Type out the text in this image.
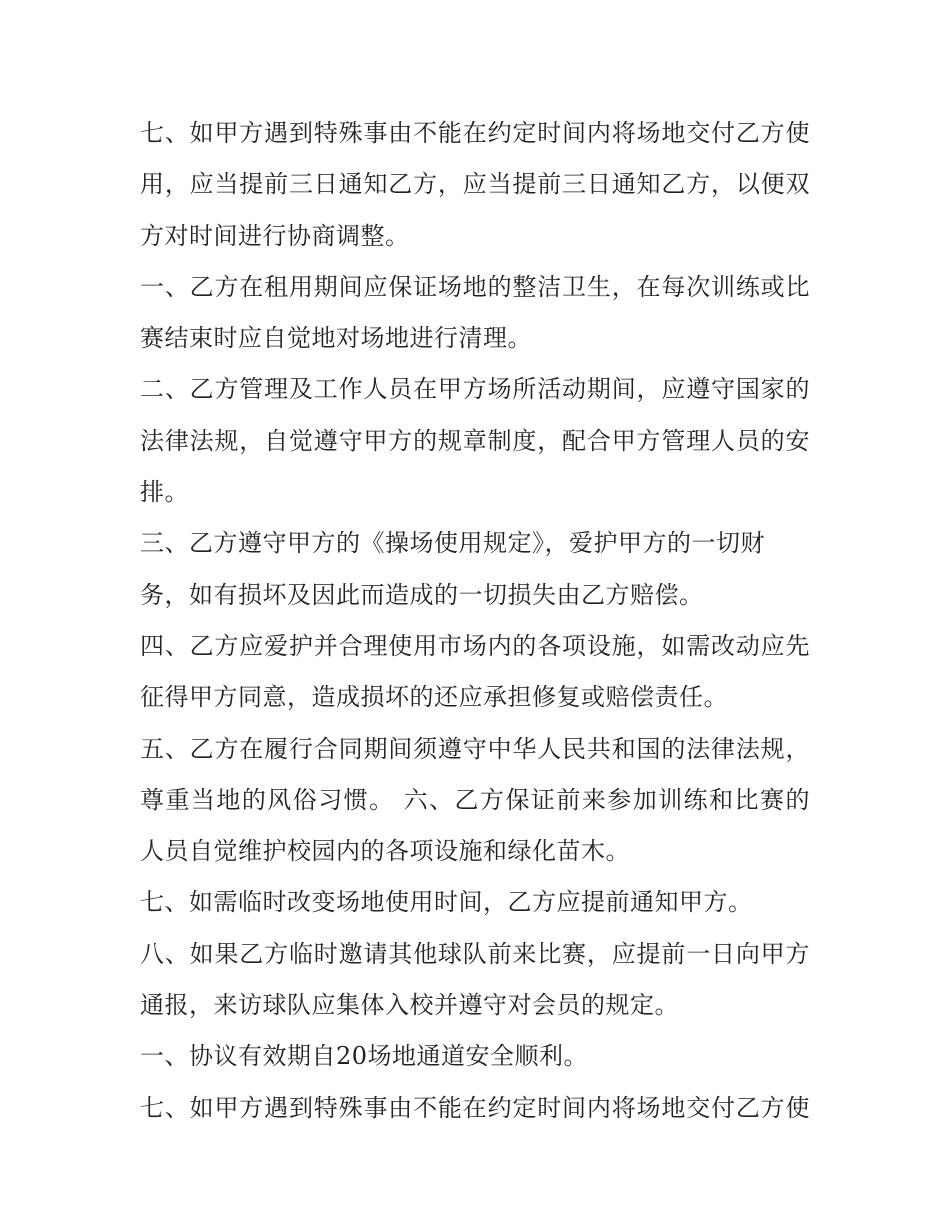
七、如甲方遇到特殊事由不能在约定时间内将场地交付乙方使
用，应当提前三日通知乙方，应当提前三日通知乙方，以便双
方对时间进行协商调整。
一、乙方在租用期间应保证场地的整洁卫生，在每次训练或比
赛结束时应自觉地对场地进行清理。
二、乙方管理及工作人员在甲方场所活动期间，应遵守国家的
法律法规，自觉遵守甲方的规章制度，配合甲方管理人员的安
排。
三、乙方遵守甲方的《操场使用规定》，爱护甲方的一切财
务，如有损坏及因此而造成的一切损失由乙方赔偿。
四、乙方应爱护并合理使用市场内的各项设施，如需改动应先
征得甲方同意，造成损坏的还应承担修复或赔偿责任。
五、乙方在履行合同期间须遵守中华人民共和国的法律法规，
尊重当地的风俗习惯。 六、乙方保证前来参加训练和比赛的
人员自觉维护校园内的各项设施和绿化苗木。
七、如需临时改变场地使用时间，乙方应提前通知甲方。
八、如果乙方临时邀请其他球队前来比赛，应提前一日向甲方
通报，来访球队应集体入校并遵守对会员的规定。
一、协议有效期自20场地通道安全顺利。
七、如甲方遇到特殊事由不能在约定时间内将场地交付乙方使
